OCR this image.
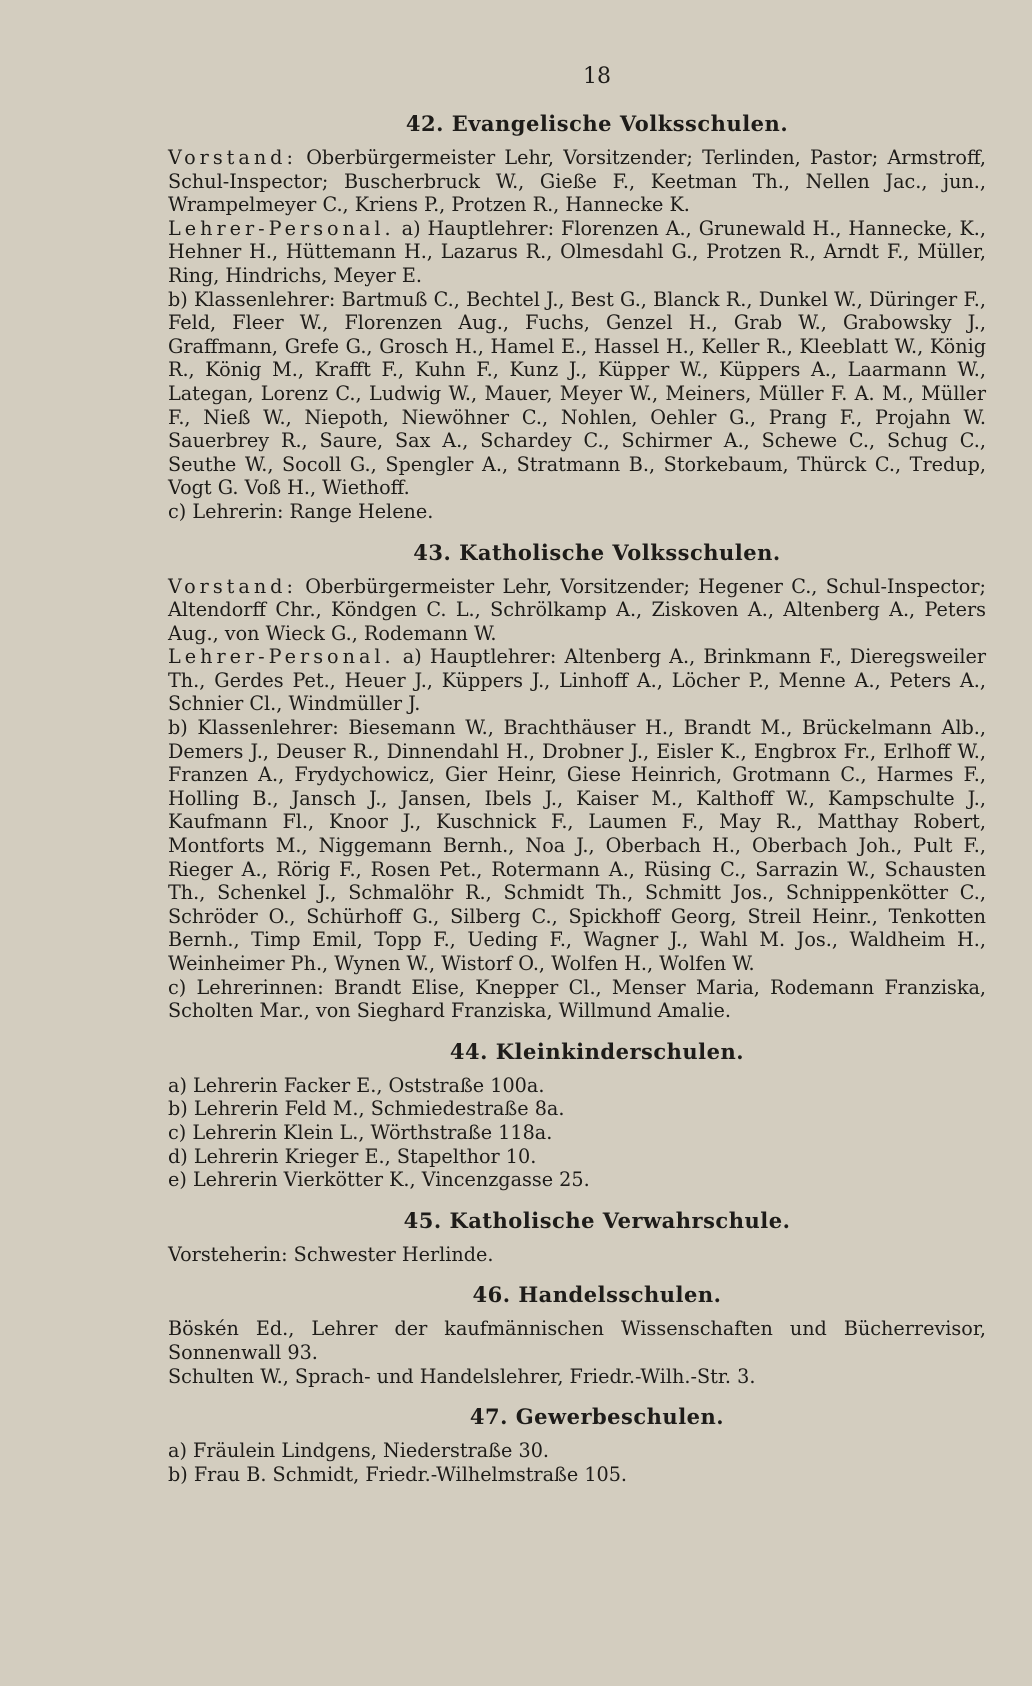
18
42. Evangelische Volksschulen.

Vorstand: Oberbürgermeister Lehr, Vorsitzender; Terlinden, Pastor; Armstroff, Schul-Inspector; Buscherbruck W., Gieße F., Keetman Th., Nellen Jac., jun., Wrampelmeyer C., Kriens P., Protzen R., Hannecke K.

Lehrer-Personal. a) Hauptlehrer: Florenzen A., Grunewald H., Hannecke, K., Hehner H., Hüttemann H., Lazarus R., Olmesdahl G., Protzen R., Arndt F., Müller, Ring, Hindrichs, Meyer E.

b) Klassenlehrer: Bartmuß C., Bechtel J., Best G., Blanck R., Dunkel W., Düringer F., Feld, Fleer W., Florenzen Aug., Fuchs, Genzel H., Grab W., Grabowsky J., Graffmann, Grefe G., Grosch H., Hamel E., Hassel H., Keller R., Kleeblatt W., König R., König M., Krafft F., Kuhn F., Kunz J., Küpper W., Küppers A., Laarmann W., Lategan, Lorenz C., Ludwig W., Mauer, Meyer W., Meiners, Müller F. A. M., Müller F., Nieß W., Niepoth, Niewöhner C., Nohlen, Oehler G., Prang F., Projahn W. Sauerbrey R., Saure, Sax A., Schardey C., Schirmer A., Schewe C., Schug C., Seuthe W., Socoll G., Spengler A., Stratmann B., Storkebaum, Thürck C., Tredup, Vogt G. Voß H., Wiethoff.

c) Lehrerin: Range Helene.

43. Katholische Volksschulen.

Vorstand: Oberbürgermeister Lehr, Vorsitzender; Hegener C., Schul-Inspector; Altendorff Chr., Köndgen C. L., Schrölkamp A., Ziskoven A., Altenberg A., Peters Aug., von Wieck G., Rodemann W.

Lehrer-Personal. a) Hauptlehrer: Altenberg A., Brinkmann F., Dieregsweiler Th., Gerdes Pet., Heuer J., Küppers J., Linhoff A., Löcher P., Menne A., Peters A., Schnier Cl., Windmüller J.

b) Klassenlehrer: Biesemann W., Brachthäuser H., Brandt M., Brückelmann Alb., Demers J., Deuser R., Dinnendahl H., Drobner J., Eisler K., Engbrox Fr., Erlhoff W., Franzen A., Frydychowicz, Gier Heinr, Giese Heinrich, Grotmann C., Harmes F., Holling B., Jansch J., Jansen, Ibels J., Kaiser M., Kalthoff W., Kampschulte J., Kaufmann Fl., Knoor J., Kuschnick F., Laumen F., May R., Matthay Robert, Montforts M., Niggemann Bernh., Noa J., Oberbach H., Oberbach Joh., Pult F., Rieger A., Rörig F., Rosen Pet., Rotermann A., Rüsing C., Sarrazin W., Schausten Th., Schenkel J., Schmalöhr R., Schmidt Th., Schmitt Jos., Schnippenkötter C., Schröder O., Schürhoff G., Silberg C., Spickhoff Georg, Streil Heinr., Tenkotten Bernh., Timp Emil, Topp F., Ueding F., Wagner J., Wahl M. Jos., Waldheim H., Weinheimer Ph., Wynen W., Wistorf O., Wolfen H., Wolfen W.

c) Lehrerinnen: Brandt Elise, Knepper Cl., Menser Maria, Rodemann Franziska, Scholten Mar., von Sieghard Franziska, Willmund Amalie.

44. Kleinkinderschulen.

a) Lehrerin Facker E., Oststraße 100a.

b) Lehrerin Feld M., Schmiedestraße 8a.

c) Lehrerin Klein L., Wörthstraße 118a.

d) Lehrerin Krieger E., Stapelthor 10.

e) Lehrerin Vierkötter K., Vincenzgasse 25.

45. Katholische Verwahrschule.

Vorsteherin: Schwester Herlinde.

46. Handelsschulen.

Böskén Ed., Lehrer der kaufmännischen Wissenschaften und Bücherrevisor, Sonnenwall 93.

Schulten W., Sprach- und Handelslehrer, Friedr.-Wilh.-Str. 3.

47. Gewerbeschulen.

a) Fräulein Lindgens, Niederstraße 30.

b) Frau B. Schmidt, Friedr.-Wilhelmstraße 105.
